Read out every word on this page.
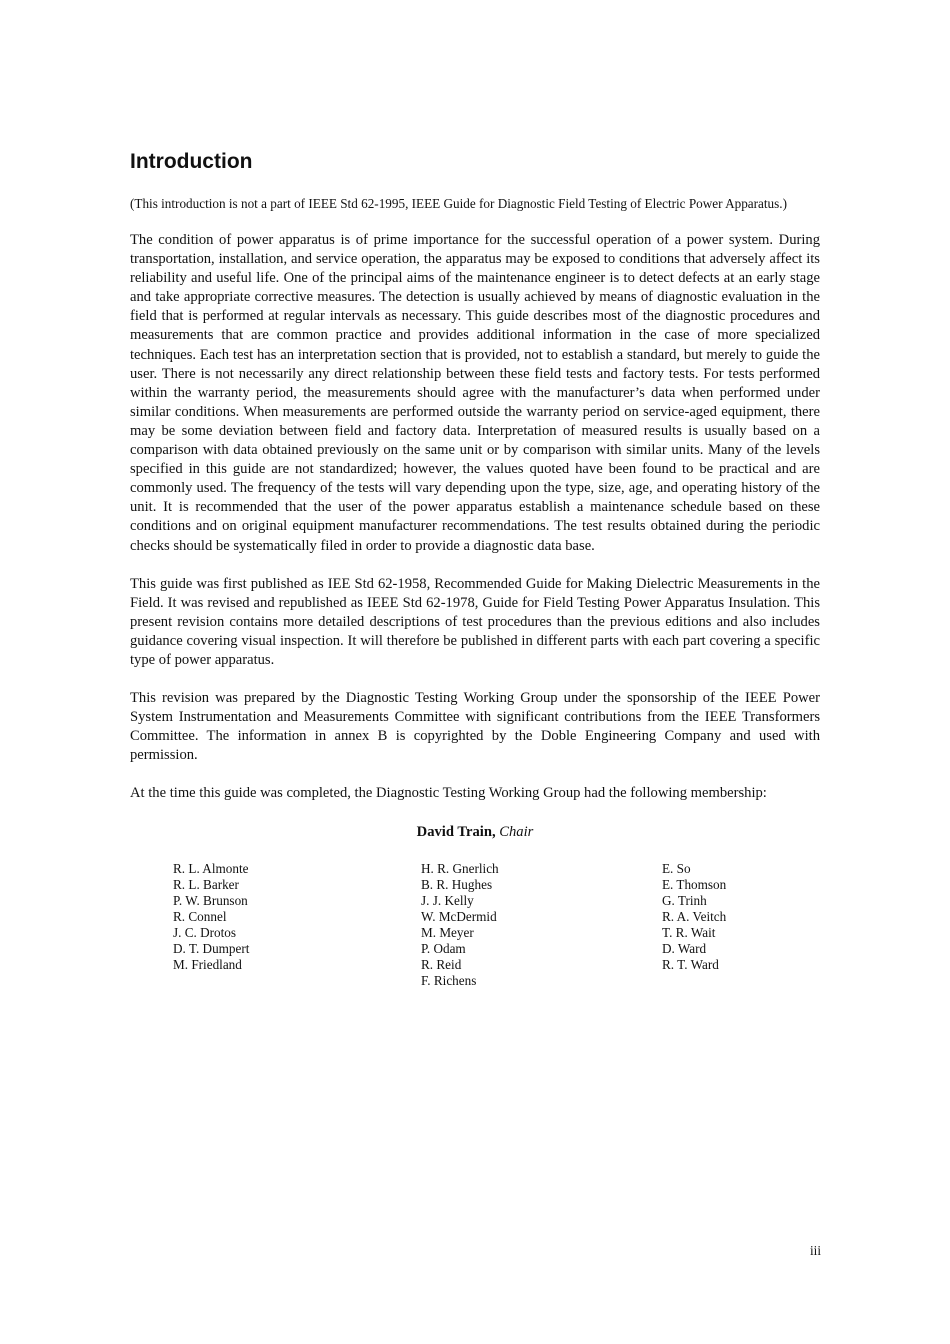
Introduction

(This introduction is not a part of IEEE Std 62-1995, IEEE Guide for Diagnostic Field Testing of Electric Power Apparatus.)

The condition of power apparatus is of prime importance for the successful operation of a power system. During transportation, installation, and service operation, the apparatus may be exposed to conditions that adversely affect its reliability and useful life. One of the principal aims of the maintenance engineer is to detect defects at an early stage and take appropriate corrective measures. The detection is usually achieved by means of diagnostic evaluation in the field that is performed at regular intervals as necessary. This guide describes most of the diagnostic procedures and measurements that are common practice and provides additional information in the case of more specialized techniques. Each test has an interpretation section that is provided, not to establish a standard, but merely to guide the user. There is not necessarily any direct relationship between these field tests and factory tests. For tests performed within the warranty period, the measurements should agree with the manufacturer’s data when performed under similar conditions. When measurements are performed outside the warranty period on service-aged equipment, there may be some deviation between field and factory data. Interpretation of measured results is usually based on a comparison with data obtained previously on the same unit or by comparison with similar units. Many of the levels specified in this guide are not standardized; however, the values quoted have been found to be practical and are commonly used. The frequency of the tests will vary depending upon the type, size, age, and operating history of the unit. It is recommended that the user of the power apparatus establish a maintenance schedule based on these conditions and on original equipment manufacturer recommendations. The test results obtained during the periodic checks should be systematically filed in order to provide a diagnostic data base.

This guide was first published as IEE Std 62-1958, Recommended Guide for Making Dielectric Measurements in the Field. It was revised and republished as IEEE Std 62-1978, Guide for Field Testing Power Apparatus Insulation. This present revision contains more detailed descriptions of test procedures than the previous editions and also includes guidance covering visual inspection. It will therefore be published in different parts with each part covering a specific type of power apparatus.

This revision was prepared by the Diagnostic Testing Working Group under the sponsorship of the IEEE Power System Instrumentation and Measurements Committee with significant contributions from the IEEE Transformers Committee. The information in annex B is copyrighted by the Doble Engineering Company and used with permission.

At the time this guide was completed, the Diagnostic Testing Working Group had the following membership:

David Train, Chair
R. L. Almonte
R. L. Barker
P. W. Brunson
R. Connel
J. C. Drotos
D. T. Dumpert
M. Friedland
H. R. Gnerlich
B. R. Hughes
J. J. Kelly
W. McDermid
M. Meyer
P. Odam
R. Reid
F. Richens
E. So
E. Thomson
G. Trinh
R. A. Veitch
T. R. Wait
D. Ward
R. T. Ward
iii
